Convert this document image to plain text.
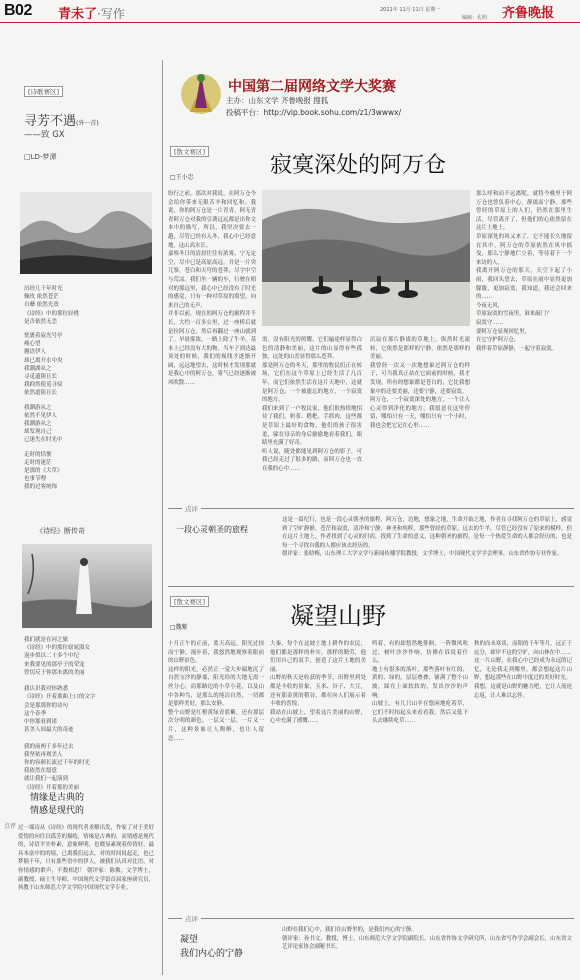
B02 青未了·写作	2011年 11月 11日 星期一
编辑：孔明 齐鲁晚报
[诗歌赛区]
寻芳不遇(外一首)
——致 GX
□LD-梦潭
历经几千年时光
佩玫 依然苍茫
自蘼 依然光熹
《诗经》中的那位轻佻
是否依然无恙
恍裹着寂光号亭
瘦心望
翘语伊人
却已离开水中央
我潮湖从之
寻觅遗阻且长
我抑然使觅寻驭
依然道阻且长
我潮游从之
依然不见伊人
我潮游从之
却发现自己
已迷失在时光中
走时的恬惬
走时的迷茫
是那的《大草》
也事节哩
我的过客统饰
《诗经》断传奇
我们就是在河之旅
《诗经》中的那位窈窕淑女
返步似以二十多个中纪
来我要见的那亭子的荣宠
曾切反于你那末离的美丽

我认识我对你熟悉
《诗经》开着那曲上口的文字
会是那那你的诗句
这个春季
中你那看到诸
甚美人间最大的奇迹

我的前两千多年过去
我坚依再观美人
你的容颜长流过千年的时光
我依然在愿意
就让我们一起演到
《诗经》开着那的美丽
情缘是古典的
情感是现代的
点评 过一端诗从《诗经》的现代者求解出发，作家了对于美好爱情的向往以孤芳的描绘，情缘是古典的，而情感是现代的，诗语平实朴素，意象鲜明，也晓显素现着传情好，最具本富中的的境，已离我们远去，对的时间说起走，也已梦隔千年，只有那些语中的伊人，被我们认真对比语，对你情感的歌声，不数相思！ 朝评家：陈佛，文学博士，副教授，硕士生导师，中国现代文学馆首届家座研究员，执教于山东师范大学文学院中国现代文学专业。
中国第二届网络文学大奖赛
主办：山东文学 齐鲁晚报 搜狐
投稿平台：http://vip.book.sohu.com/z1/3wwwx/
[散文赛区]
寂寞深处的阿万仓
□王小忠
纷行之前，那次对我说，在阿万仓今会给你带来无限苦辛和回忆和。我说，你的阿万仓是一片青青，阿无青青阿万仓对我的引诱远远都是出你文本中的描写，所以，我坚决要去一趟，尽管已经有入冬，我心中已经意地，这山高水长。
嘉察冬日的清晨往往有浓雾，宁无定空，尽中已是高原高远，并是一片突兀寥，苍白和天穹的苍莽，尽宇中空与荒凉。我们坐一辆的车，行驶在相对的那远里，我心中已经没有了时光的感觉，只有一种对草原的渴望，向来自己的无声。
并非以前，现在的阿万仓的旅程并不长，大约一百多公里，过一座桥后就是拉阿万仓，然后再翻过一座山就到了。早晨雾浓，一路上除了牛羊，基本上已经没有大的物，当车子到达最顶处的时候，我们的视线才逐渐开阔，远远地望去，这时候才发现那就是我心中的阿万仓，雾气已经逐渐被风吹散……
需，没有阳光的照耀，它们遍途样显得白色的清静和美丽，这片的山显得有些孤独，远处的山峦显得那么苍莽。
那是阿万仓的冬天，那里的牧民们正在转场，它们在这个草原上已经生活了几百年，而它们依然生活在这片天地中，这就是阿万仓，一个被遗忘的地方，一个寂寞的地方。
我们来到了一户牧民家，他们很热情地招待了我们，奶茶、糌粑、手抓肉，这些都是草原上最好的食物，他们的孩子很害羞，躲在母亲的身后偷偷地看着我们，眼睛里充满了好奇。
听人说，随处都能见到阿万仓的影子，可我已经走过了很多的路，而阿万仓也一直在我的心中……
沉寂在那片静谧的草地上，纵然时光流转，它依然是那样的宁静，依然是那样的美丽。
我曾经一次又一次地想象过阿万仓的样子，可当我真正站在它面前的时候，我才发现，所有的想象都是苍白的，它比我想象中的还要美丽，还要宁静，还要寂寞。
阿万仓，一个寂寞深处的地方，一个让人心灵得到净化的地方，我愿意在这里停留，哪怕只有一天，哪怕只有一个小时，我也会把它记在心里……
那么呼和而不远离呢，就将今晚里于阿万仓也曾负着中心，静谧而宁静，那些曾经的草原上的人们，仍然在那里生活，尽管离开了，但他们的心依然留在这片土地上。
草原深处的风又来了，它不能长久地留在其中，阿万仓的草原依然在风中摇曳，那么宁静地伫立着，等待着下一个来访的人。
我离开阿万仓的那天，天空下起了小雨，我回头望去，草原在雨中显得更加朦胧，更加寂寞，我知道，我还会回来的……
今夜无风，
草原寂寞的雪夜里，谁来敲门？
寂寞守……
要阿万仓显现回忆里，
在它守护阿万仓，
我伴着草原静静，一起守着寂寞。
点评
一段心灵朝圣的旅程
这是一篇纪行，也是一段心灵朝圣的旅程，阿万仓，边地，想象之地，生命开始之地，作者在寻找阿万仓的草原上，感觉到了空旷静静，苍茫和寂寞，清净和宁静，神圣和纯粹，那些曾经的草原，远去的牛羊，尽管已经没有了原来的模样，但在这片土地上，作者找到了心灵的归宿，找到了生命的意义，这种朝圣的旅程，是每一个热爱生命的人都会经历的，也是每一个寻找自我的人都应该去经历的。
朝评家：张晗梅，山东理工大学文学与新闻传播学院教授，文学博士，中国现代文学学会理事，山东省作协专业作家。
[散文赛区]	凝望山野
□魏紫
十月正午的正前，蓝天高远，阳光过掠而宁静，漫步着，我悠然地观察着眼前的山野景色。
这样的阳光，必然正一觉大步瑞地沉了自然宝沙的静谧，阳光给的大地无需一丝分心，而那路边的小草小花，以及山中各种鸟，是那么的纯洁自然，一切都是那样美好，那么安静。
整个山野是红橙黄绿青蓝紫，还有那层次分明的颜色，一层又一层，一片又一片，这种景象让人陶醉，也让人留恋……
大秦，每个在这坡土地上耕作的农民，他们都是那样的朴实，那样的勤劳，他们用自己的双手，创造了这片土地的美丽。
山野的秋天是收获的季节，田野里到处都是丰收的景象，玉米、谷子、大豆，还有那金黄的稻谷，都在向人们展示着丰收的喜悦。
我站在山坡上，望着这片美丽的山野，心中充满了感慨……
鸣着，有的却悠然地徘徊，一阵微风吹过，树叶沙沙作响，仿佛在诉说着什么。
地上有很多的落叶，那些落叶有红的、黄的、绿的，层层叠叠，铺满了整个山坡，踩在上面软软的，发出沙沙的声响。
山坡上，有几只山羊在悠闲地吃着草，它们不时抬起头来看看我，然后又低下头去继续吃草……
秋的而未寒谈，而阳的千年等月，远正于远分，却岸不这的空旷，向山林在中……
这一片山野，在我心中已经成为永远的记忆，无论我走到哪里，都会想起这片山野，想起那些在山野中度过的美好时光。
我想，这就是山野的魅力吧，它让人流连忘返，让人难以忘怀。
点评
凝望
我们内心的宁静
山野在我们心中，我们在山野里的，是我们内心的宁静。
朝评家：孙书文，教授，博士，山东师范大学文学院副院长，山东省作协文学研究所，山东省写作学会副会长，山东省文艺评论家协会副秘书长。
